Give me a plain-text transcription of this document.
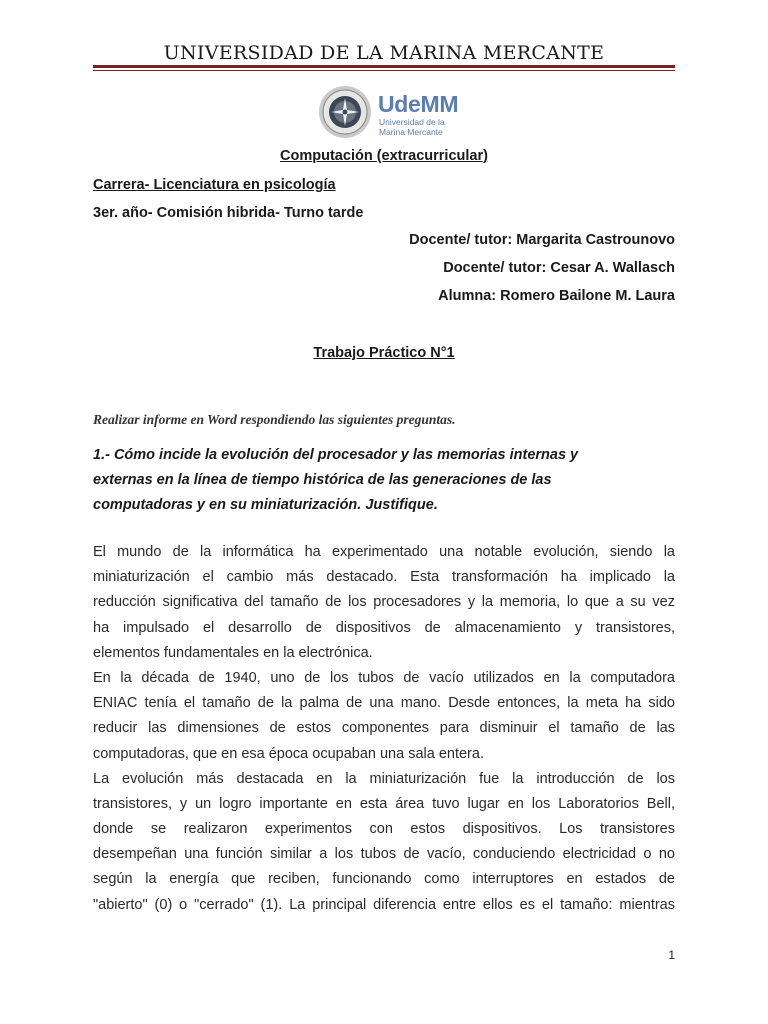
UNIVERSIDAD DE LA MARINA MERCANTE
UdeMM
Universidad de la
Marina Mercante
Computación (extracurricular)
Carrera- Licenciatura en psicología
3er. año- Comisión hibrida- Turno tarde
Docente/ tutor: Margarita Castrounovo
Docente/ tutor: Cesar A. Wallasch
Alumna: Romero Bailone M. Laura
Trabajo Práctico N°1
Realizar informe en Word respondiendo las siguientes preguntas.
1.- Cómo incide la evolución del procesador y las memorias internas y
externas en la línea de tiempo histórica de las generaciones de las
computadoras y en su miniaturización. Justifique.
El mundo de la informática ha experimentado una notable evolución, siendo la
miniaturización el cambio más destacado. Esta transformación ha implicado la
reducción significativa del tamaño de los procesadores y la memoria, lo que a su vez
ha impulsado el desarrollo de dispositivos de almacenamiento y transistores,
elementos fundamentales en la electrónica.
En la década de 1940, uno de los tubos de vacío utilizados en la computadora
ENIAC tenía el tamaño de la palma de una mano. Desde entonces, la meta ha sido
reducir las dimensiones de estos componentes para disminuir el tamaño de las
computadoras, que en esa época ocupaban una sala entera.
La evolución más destacada en la miniaturización fue la introducción de los
transistores, y un logro importante en esta área tuvo lugar en los Laboratorios Bell,
donde se realizaron experimentos con estos dispositivos. Los transistores
desempeñan una función similar a los tubos de vacío, conduciendo electricidad o no
según la energía que reciben, funcionando como interruptores en estados de
"abierto" (0) o "cerrado" (1). La principal diferencia entre ellos es el tamaño: mientras
1
